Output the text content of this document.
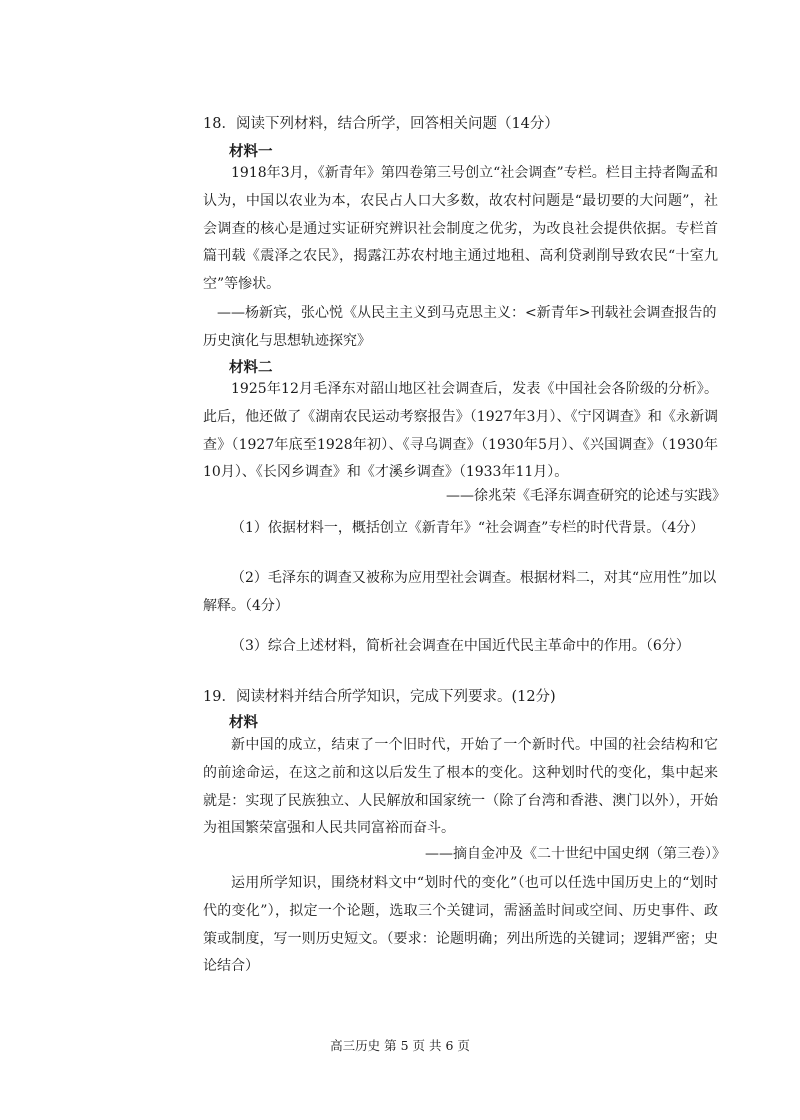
18．阅读下列材料，结合所学，回答相关问题（14分）
材料一

1918年3月，《新青年》第四卷第三号创立“社会调查”专栏。栏目主持者陶孟和认为，中国以农业为本，农民占人口大多数，故农村问题是“最切要的大问题”，社会调查的核心是通过实证研究辨识社会制度之优劣，为改良社会提供依据。专栏首篇刊载《震泽之农民》，揭露江苏农村地主通过地租、高利贷剥削导致农民“十室九空”等惨状。

——杨新宾，张心悦《从民主主义到马克思主义：<新青年>刊载社会调查报告的历史演化与思想轨迹探究》
材料二

1925年12月毛泽东对韶山地区社会调查后，发表《中国社会各阶级的分析》。此后，他还做了《湖南农民运动考察报告》（1927年3月）、《宁冈调查》和《永新调查》（1927年底至1928年初）、《寻乌调查》（1930年5月）、《兴国调查》（1930年10月）、《长冈乡调查》和《才溪乡调查》（1933年11月）。

——徐兆荣《毛泽东调查研究的论述与实践》
（1）依据材料一，概括创立《新青年》“社会调查”专栏的时代背景。（4分）
（2）毛泽东的调查又被称为应用型社会调查。根据材料二，对其“应用性”加以解释。（4分）
（3）综合上述材料，简析社会调查在中国近代民主革命中的作用。（6分）
19．阅读材料并结合所学知识，完成下列要求。(12分)
材料

新中国的成立，结束了一个旧时代，开始了一个新时代。中国的社会结构和它的前途命运，在这之前和这以后发生了根本的变化。这种划时代的变化，集中起来就是：实现了民族独立、人民解放和国家统一（除了台湾和香港、澳门以外），开始为祖国繁荣富强和人民共同富裕而奋斗。

——摘自金冲及《二十世纪中国史纲（第三卷）》

运用所学知识，围绕材料文中“划时代的变化”（也可以任选中国历史上的“划时代的变化”），拟定一个论题，选取三个关键词，需涵盖时间或空间、历史事件、政策或制度，写一则历史短文。（要求：论题明确；列出所选的关键词；逻辑严密；史论结合）

高三历史 第 5 页 共 6 页
